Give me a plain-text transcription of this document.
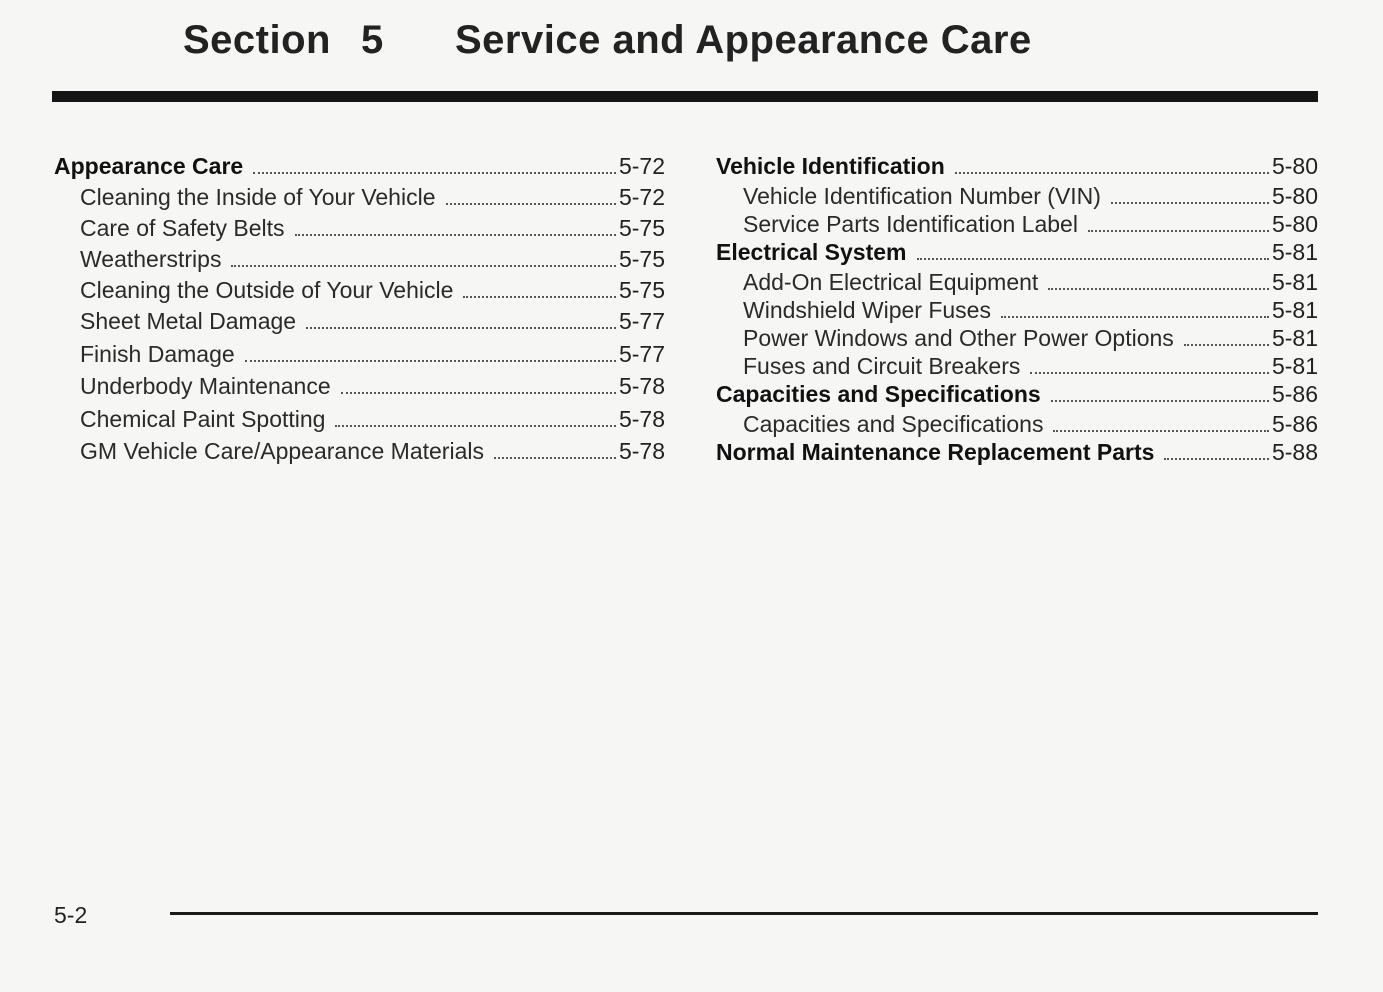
Section 5 Service and Appearance Care
Appearance Care	5-72
Cleaning the Inside of Your Vehicle	5-72
Care of Safety Belts	5-75
Weatherstrips	5-75
Cleaning the Outside of Your Vehicle	5-75
Sheet Metal Damage	5-77
Finish Damage	5-77
Underbody Maintenance	5-78
Chemical Paint Spotting	5-78
GM Vehicle Care/Appearance Materials	5-78
Vehicle Identification	5-80
Vehicle Identification Number (VIN)	5-80
Service Parts Identification Label	5-80
Electrical System	5-81
Add-On Electrical Equipment	5-81
Windshield Wiper Fuses	5-81
Power Windows and Other Power Options	5-81
Fuses and Circuit Breakers	5-81
Capacities and Specifications	5-86
Capacities and Specifications	5-86
Normal Maintenance Replacement Parts	5-88
5-2
